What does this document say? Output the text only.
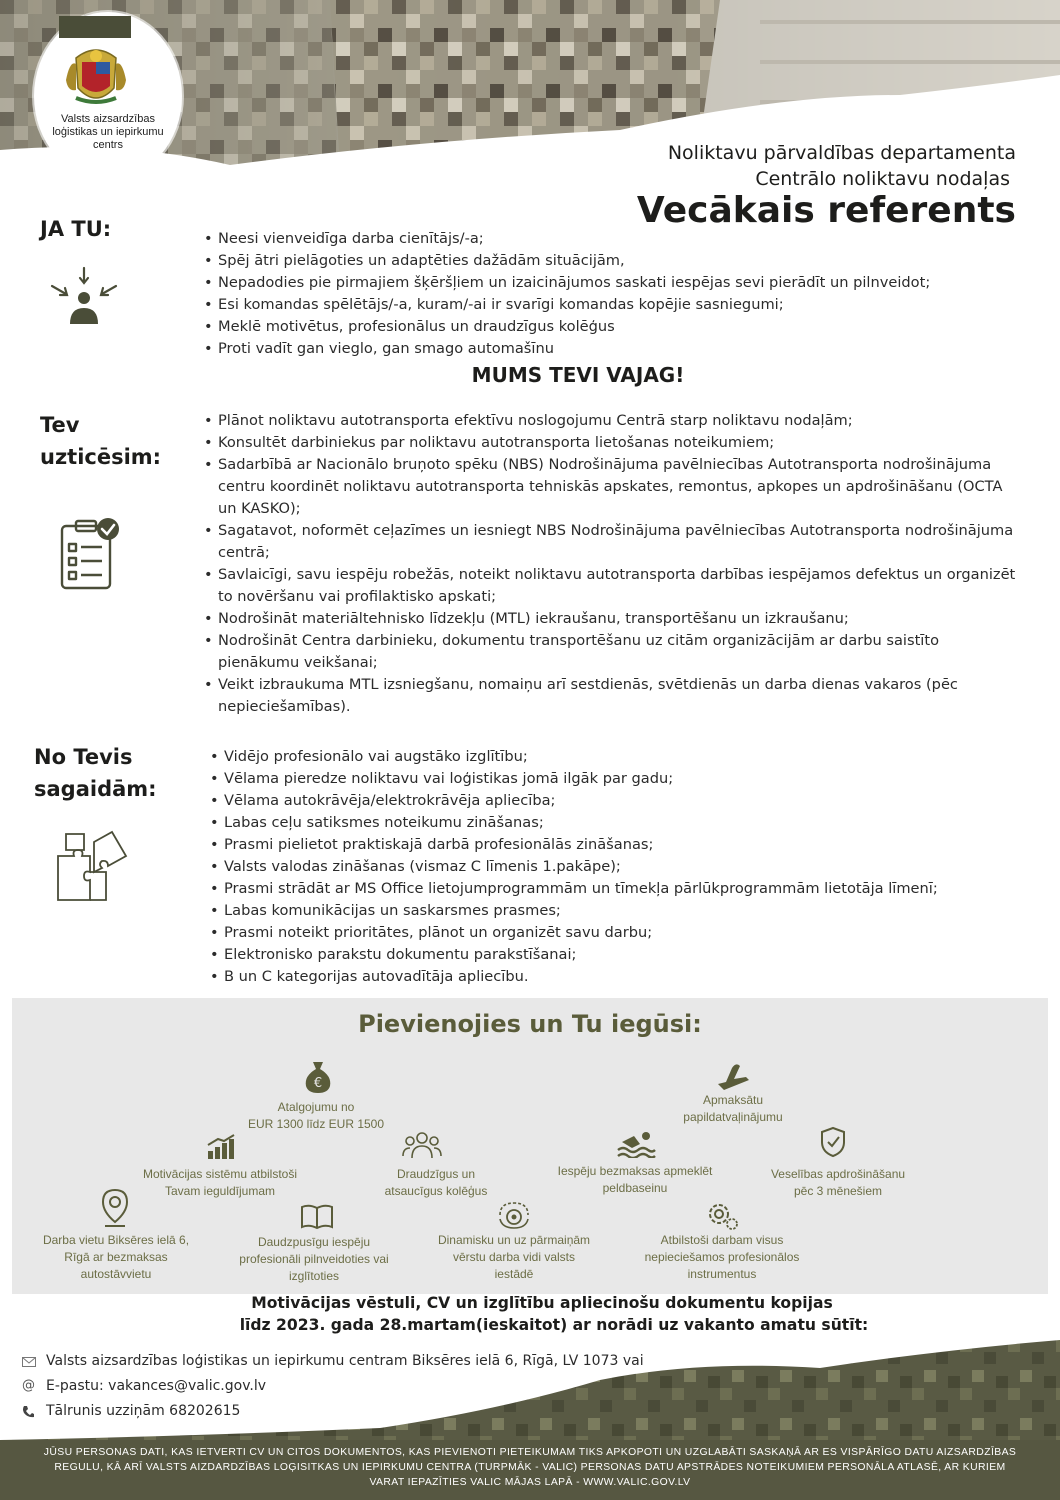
Valsts aizsardzības loģistikas un iepirkumu centrs	Noliktavu pārvaldības departamenta
Centrālo noliktavu nodaļas
Vecākais referents
JA TU:
•	Neesi vienveidīga darba cienītājs/-a;
• Spēj ātri pielāgoties un adaptēties dažādām situācijām,
• Nepadodies pie pirmajiem šķēršļiem un izaicinājumos saskati iespējas sevi pierādīt un pilnveidot;
• Esi komandas spēlētājs/-a, kuram/-ai ir svarīgi komandas kopējie sasniegumi;
• Meklē motivētus, profesionālus un draudzīgus kolēģus
• Proti vadīt gan vieglo, gan smago automašīnu
MUMS TEVI VAJAG!
Tev
uzticēsim:
• Plānot noliktavu autotransporta efektīvu noslogojumu Centrā starp noliktavu nodaļām;
• Konsultēt darbiniekus par noliktavu autotransporta lietošanas noteikumiem;
• Sadarbībā ar Nacionālo bruņoto spēku (NBS) Nodrošinājuma pavēlniecības Autotransporta nodrošinājuma centru koordinēt noliktavu autotransporta tehniskās apskates, remontus, apkopes un apdrošināšanu (OCTA un KASKO);
• Sagatavot, noformēt ceļazīmes un iesniegt NBS Nodrošinājuma pavēlniecības Autotransporta nodrošinājuma centrā;
• Savlaicīgi, savu iespēju robežās, noteikt noliktavu autotransporta darbības iespējamos defektus un organizēt to novēršanu vai profilaktisko apskati;
• Nodrošināt materiāltehnisko līdzekļu (MTL) iekraušanu, transportēšanu un izkraušanu;
• Nodrošināt Centra darbinieku, dokumentu transportēšanu uz citām organizācijām ar darbu saistīto pienākumu veikšanai;
• Veikt izbraukuma MTL izsniegšanu, nomaiņu arī sestdienās, svētdienās un darba dienas vakaros (pēc nepieciešamības).
No Tevis
sagaidām:
• Vidējo profesionālo vai augstāko izglītību;
• Vēlama pieredze noliktavu vai loģistikas jomā ilgāk par gadu;
• Vēlama autokrāvēja/elektrokrāvēja apliecība;
• Labas ceļu satiksmes noteikumu zināšanas;
• Prasmi pielietot praktiskajā darbā profesionālās zināšanas;
• Valsts valodas zināšanas (vismaz C līmenis 1.pakāpe);
• Prasmi strādāt ar MS Office lietojumprogrammām un tīmekļa pārlūkprogrammām lietotāja līmenī;
• Labas komunikācijas un saskarsmes prasmes;
• Prasmi noteikt prioritātes, plānot un organizēt savu darbu;
• Elektronisko parakstu dokumentu parakstīšanai;
• B un C kategorijas autovadītāja apliecību.
Pievienojies un Tu iegūsi:
€
Atalgojumu no
EUR 1300 līdz EUR 1500
Apmaksātu
papildatvaļinājumu
Motivācijas sistēmu atbilstoši
Tavam ieguldījumam
Draudzīgus un
atsaucīgus kolēģus
Iespēju bezmaksas apmeklēt
peldbaseinu
Veselības apdrošināšanu
pēc 3 mēnešiem
Darba vietu Biksēres ielā 6,
Rīgā ar bezmaksas
autostāvvietu
Daudzpusīgu iespēju
profesionāli pilnveidoties vai
izglītoties
Dinamisku un uz pārmaiņām
vērstu darba vidi valsts
iestādē
Atbilstoši darbam visus
nepieciešamos profesionālos
instrumentus
Motivācijas vēstuli, CV un izglītību apliecinošu dokumentu kopijas
līdz 2023. gada 28.martam(ieskaitot) ar norādi uz vakanto amatu sūtīt:
Valsts aizsardzības loģistikas un iepirkumu centram Biksēres ielā 6, Rīgā, LV 1073 vai
@ E-pastu: vakances@valic.gov.lv
Tālrunis uzziņām 68202615
JŪSU PERSONAS DATI, KAS IETVERTI CV UN CITOS DOKUMENTOS, KAS PIEVIENOTI PIETEIKUMAM TIKS APKOPOTI UN UZGLABĀTI SASKAŅĀ AR ES VISPĀRĪGO DATU AIZSARDZĪBAS
REGULU, KĀ ARĪ VALSTS AIZDARDZĪBAS LOĢISITKAS UN IEPIRKUMU CENTRA (TURPMĀK - VALIC) PERSONAS DATU APSTRĀDES NOTEIKUMIEM PERSONĀLA ATLASĒ, AR KURIEM
VARAT IEPAZĪTIES VALIC MĀJAS LAPĀ - WWW.VALIC.GOV.LV
